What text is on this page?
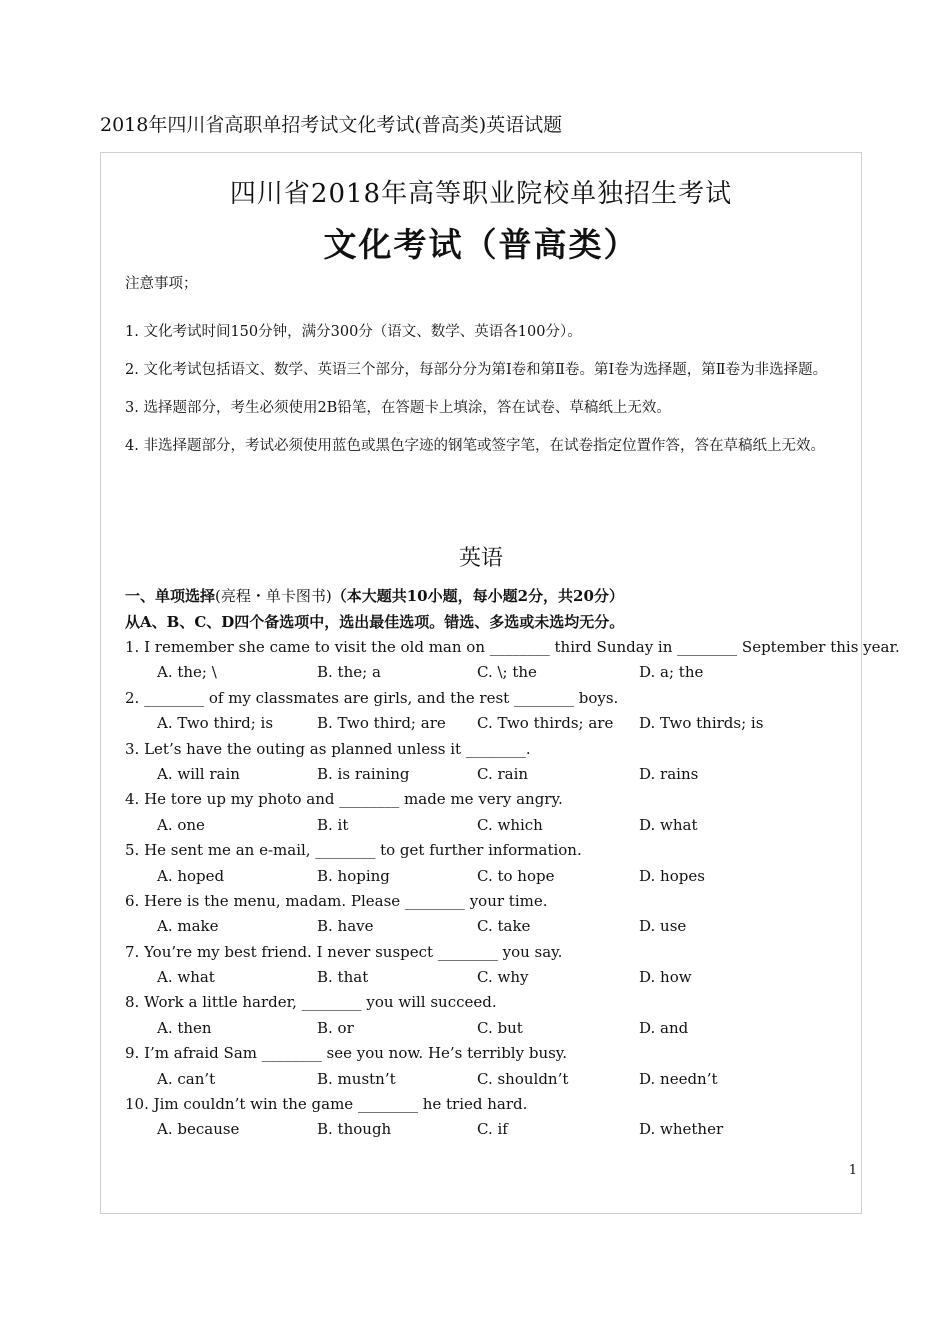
2018年四川省高职单招考试文化考试(普高类)英语试题
四川省2018年高等职业院校单独招生考试
文化考试（普高类）
注意事项；
1. 文化考试时间150分钟，满分300分（语文、数学、英语各100分）。
2. 文化考试包括语文、数学、英语三个部分，每部分分为第Ⅰ卷和第Ⅱ卷。第Ⅰ卷为选择题，第Ⅱ卷为非选择题。
3. 选择题部分，考生必须使用2B铅笔，在答题卡上填涂，答在试卷、草稿纸上无效。
4. 非选择题部分，考试必须使用蓝色或黑色字迹的钢笔或签字笔，在试卷指定位置作答，答在草稿纸上无效。
英语
一、单项选择(亮程・单卡图书)（本大题共10小题，每小题2分，共20分）
从A、B、C、D四个备选项中，选出最佳选项。错选、多选或未选均无分。
1. I remember she came to visit the old man on ________ third Sunday in ________ September this year.
A. the; \	B. the; a	C. \; the	D. a; the
2. ________ of my classmates are girls, and the rest ________ boys.
A. Two third; is	B. Two third; are C. Two thirds; are D. Two thirds; is
3. Let’s have the outing as planned unless it ________.
A. will rain	B. is raining	C. rain	D. rains
4. He tore up my photo and ________ made me very angry.
A. one	B. it	C. which	D. what
5. He sent me an e-mail, ________ to get further information.
A. hoped	B. hoping	C. to hope	D. hopes
6. Here is the menu, madam. Please ________ your time.
A. make	B. have	C. take	D. use
7. You’re my best friend. I never suspect ________ you say.
A. what	B. that	C. why	D. how
8. Work a little harder, ________ you will succeed.
A. then	B. or	C. but	D. and
9. I’m afraid Sam ________ see you now. He’s terribly busy.
A. can’t	B. mustn’t	C. shouldn’t	D. needn’t
10. Jim couldn’t win the game ________ he tried hard.
A. because	B. though	C. if	D. whether
1
